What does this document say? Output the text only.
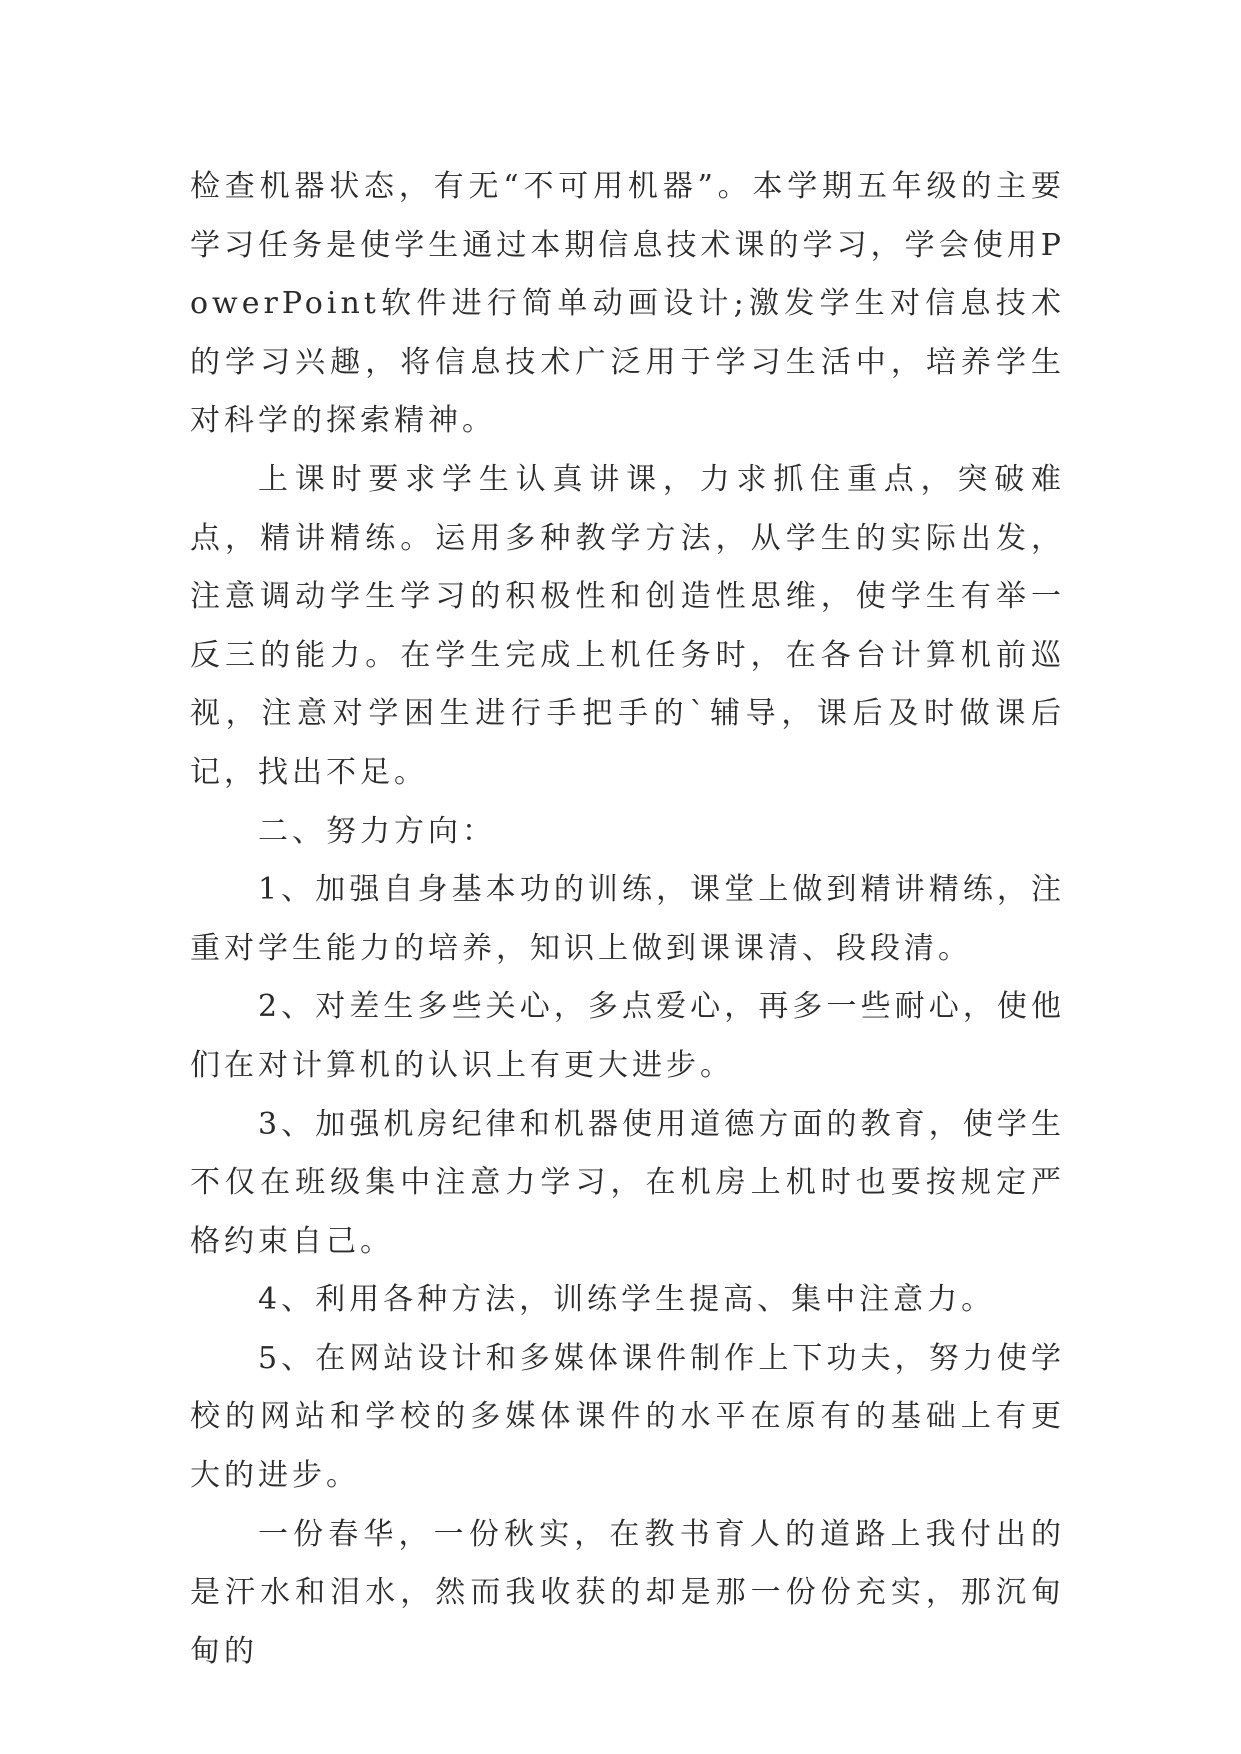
检查机器状态，有无“不可用机器”。本学期五年级的主要学习任务是使学生通过本期信息技术课的学习，学会使用PowerPoint软件进行简单动画设计;激发学生对信息技术的学习兴趣，将信息技术广泛用于学习生活中，培养学生对科学的探索精神。

上课时要求学生认真讲课，力求抓住重点，突破难点，精讲精练。运用多种教学方法，从学生的实际出发，注意调动学生学习的积极性和创造性思维，使学生有举一反三的能力。在学生完成上机任务时，在各台计算机前巡视，注意对学困生进行手把手的`辅导，课后及时做课后记，找出不足。

二、努力方向：

1、加强自身基本功的训练，课堂上做到精讲精练，注重对学生能力的培养，知识上做到课课清、段段清。

2、对差生多些关心，多点爱心，再多一些耐心，使他们在对计算机的认识上有更大进步。

3、加强机房纪律和机器使用道德方面的教育，使学生不仅在班级集中注意力学习，在机房上机时也要按规定严格约束自己。

4、利用各种方法，训练学生提高、集中注意力。

5、在网站设计和多媒体课件制作上下功夫，努力使学校的网站和学校的多媒体课件的水平在原有的基础上有更大的进步。

一份春华，一份秋实，在教书育人的道路上我付出的是汗水和泪水，然而我收获的却是那一份份充实，那沉甸甸的
